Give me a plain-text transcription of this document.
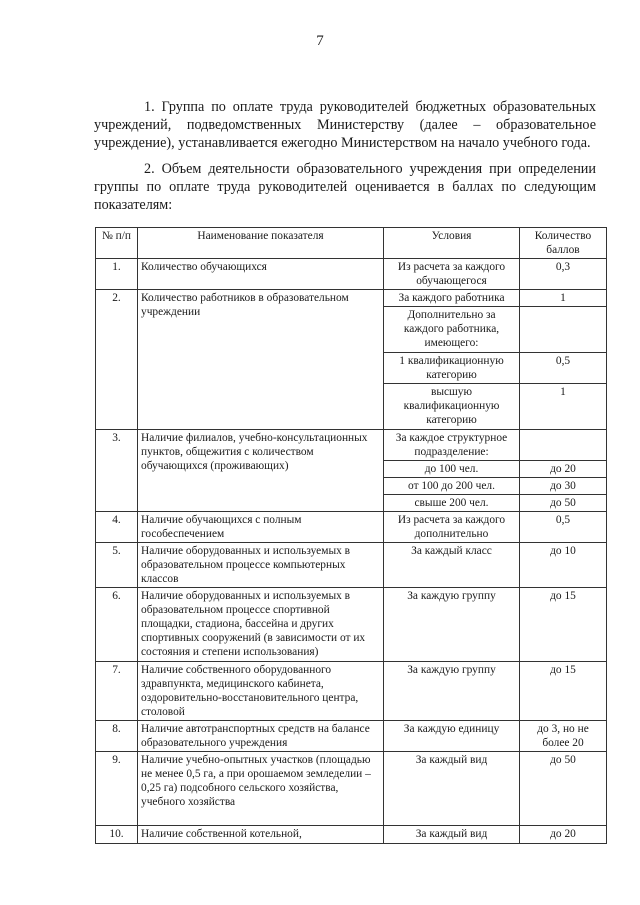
7

1. Группа по оплате труда руководителей бюджетных образовательных учреждений, подведомственных Министерству (далее – образовательное учреждение), устанавливается ежегодно Министерством на начало учебного года.

2. Объем деятельности образовательного учреждения при определении группы по оплате труда руководителей оценивается в баллах по следующим показателям:

№ п/п	Наименование показателя	Условия	Количество баллов
1.	Количество обучающихся	Из расчета за каждого обучающегося	0,3
2.	Количество работников в образовательном учреждении	За каждого работника	1
		Дополнительно за каждого работника, имеющего:	
		1 квалификационную категорию	0,5
		высшую квалификационную категорию	1
3.	Наличие филиалов, учебно-консультационных пунктов, общежития с количеством обучающихся (проживающих)	За каждое структурное подразделение:	
		до 100 чел.	до 20
		от 100 до 200 чел.	до 30
		свыше 200 чел.	до 50
4.	Наличие обучающихся с полным гособеспечением	Из расчета за каждого дополнительно	0,5
5.	Наличие оборудованных и используемых в образовательном процессе компьютерных классов	За каждый класс	до 10
6.	Наличие оборудованных и используемых в образовательном процессе спортивной площадки, стадиона, бассейна и других спортивных сооружений (в зависимости от их состояния и степени использования)	За каждую группу	до 15
7.	Наличие собственного оборудованного здравпункта, медицинского кабинета, оздоровительно-восстановительного центра, столовой	За каждую группу	до 15
8.	Наличие автотранспортных средств на балансе образовательного учреждения	За каждую единицу	до 3, но не более 20
9.	Наличие учебно-опытных участков (площадью не менее 0,5 га, а при орошаемом земледелии – 0,25 га) подсобного сельского хозяйства, учебного хозяйства	За каждый вид	до 50
10.	Наличие собственной котельной,	За каждый вид	до 20
